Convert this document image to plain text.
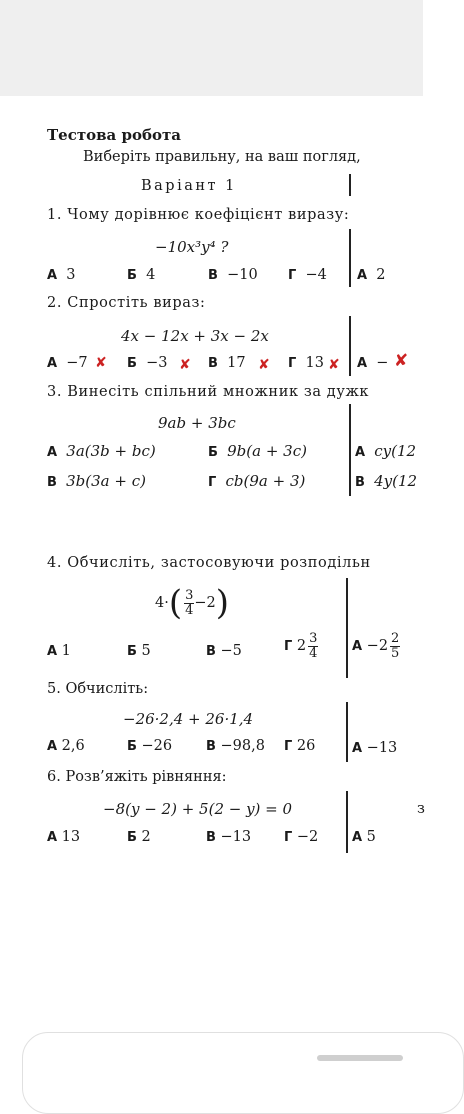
Тестова робота
Виберіть правильну, на ваш погляд,
Варіант 1
1. Чому дорівнює коефіцієнт виразу:
−10x³y⁴ ?
А 3	Б 4	В −10 Г −4 А 2
2. Спростіть вираз:
4x − 12x + 3x − 2x
А −7 ✘ Б −3 ✘ В 17 ✘ Г 13 ✘ А − ✘
3. Винесіть спільний множник за дужк
9ab + 3bc
А 3a(3b + bc)	Б 9b(a + 3c)	А cy(12
В 3b(3a + c)	Г cb(9a + 3)	В 4y(12
4. Обчисліть, застосовуючи розподільн
$4\cdot( \frac{3}{4} -2)$
А 1	Б 5	В −5	Г $2 \frac{3}{4}$	$А -2 \frac{2}{5}$
5. Обчисліть:
−26·2,4 + 26·1,4
А 2,6	Б −26	В −98,8 Г 26	А −13
6. Розв’яжіть рівняння:
−8(y − 2) + 5(2 − y) = 0	з
А 13	Б 2	В −13	Г −2	А 5
